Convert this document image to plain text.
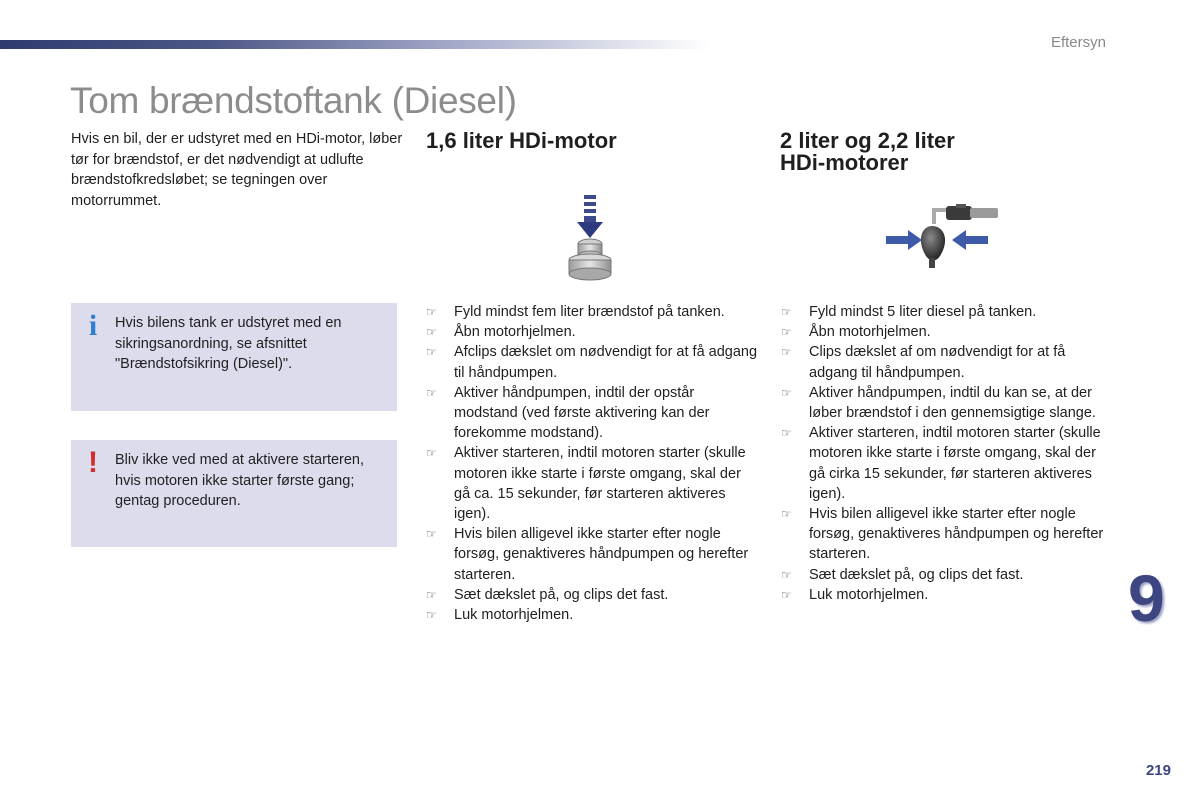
Eftersyn
Tom brændstoftank (Diesel)

Hvis en bil, der er udstyret med en HDi-motor, løber tør for brændstof, er det nødvendigt at udlufte brændstofkredsløbet; se tegningen over motorrummet.

i	Hvis bilens tank er udstyret med en sikringsanordning, se afsnittet "Brændstofsikring (Diesel)".
! Bliv ikke ved med at aktivere starteren, hvis motoren ikke starter første gang; gentag proceduren.
1,6 liter HDi-motor	2 liter og 2,2 liter
HDi-motorer
☞ Fyld mindst fem liter brændstof på tanken.
☞ Åbn motorhjelmen.
☞ Afclips dækslet om nødvendigt for at få adgang til håndpumpen.
☞ Aktiver håndpumpen, indtil der opstår modstand (ved første aktivering kan der forekomme modstand).
☞ Aktiver starteren, indtil motoren starter (skulle motoren ikke starte i første omgang, skal der gå ca. 15 sekunder, før starteren aktiveres igen).
☞ Hvis bilen alligevel ikke starter efter nogle forsøg, genaktiveres håndpumpen og herefter starteren.
☞ Sæt dækslet på, og clips det fast.
☞ Luk motorhjelmen.
☞ Fyld mindst 5 liter diesel på tanken.
☞ Åbn motorhjelmen.
☞ Clips dækslet af om nødvendigt for at få adgang til håndpumpen.
☞ Aktiver håndpumpen, indtil du kan se, at der løber brændstof i den gennemsigtige slange.
☞ Aktiver starteren, indtil motoren starter (skulle motoren ikke starte i første omgang, skal der gå cirka 15 sekunder, før starteren aktiveres igen).
☞ Hvis bilen alligevel ikke starter efter nogle forsøg, genaktiveres håndpumpen og herefter starteren.
☞ Sæt dækslet på, og clips det fast.
☞ Luk motorhjelmen.	9
219
